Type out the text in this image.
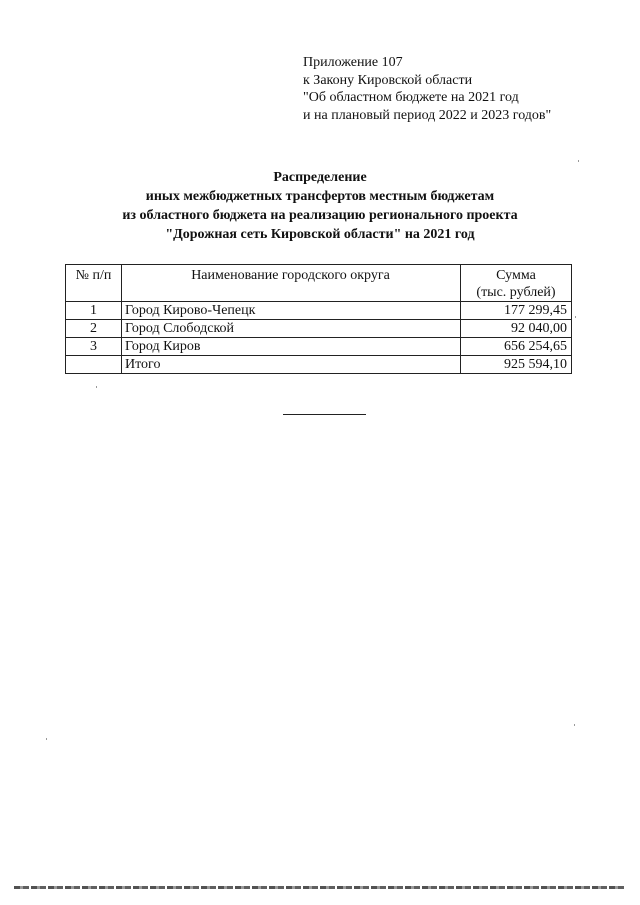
Приложение 107
к Закону Кировской области
"Об областном бюджете на 2021 год
и на плановый период 2022 и 2023 годов"
Распределение
иных межбюджетных трансфертов местным бюджетам
из областного бюджета на реализацию регионального проекта
"Дорожная сеть Кировской области" на 2021 год
№ п/п	Наименование городского округа	Сумма
(тыс. рублей)

1	Город Кирово-Чепецк	177 299,45
2	Город Слободской	92 040,00
3	Город Киров	656 254,65
	Итого	925 594,10
